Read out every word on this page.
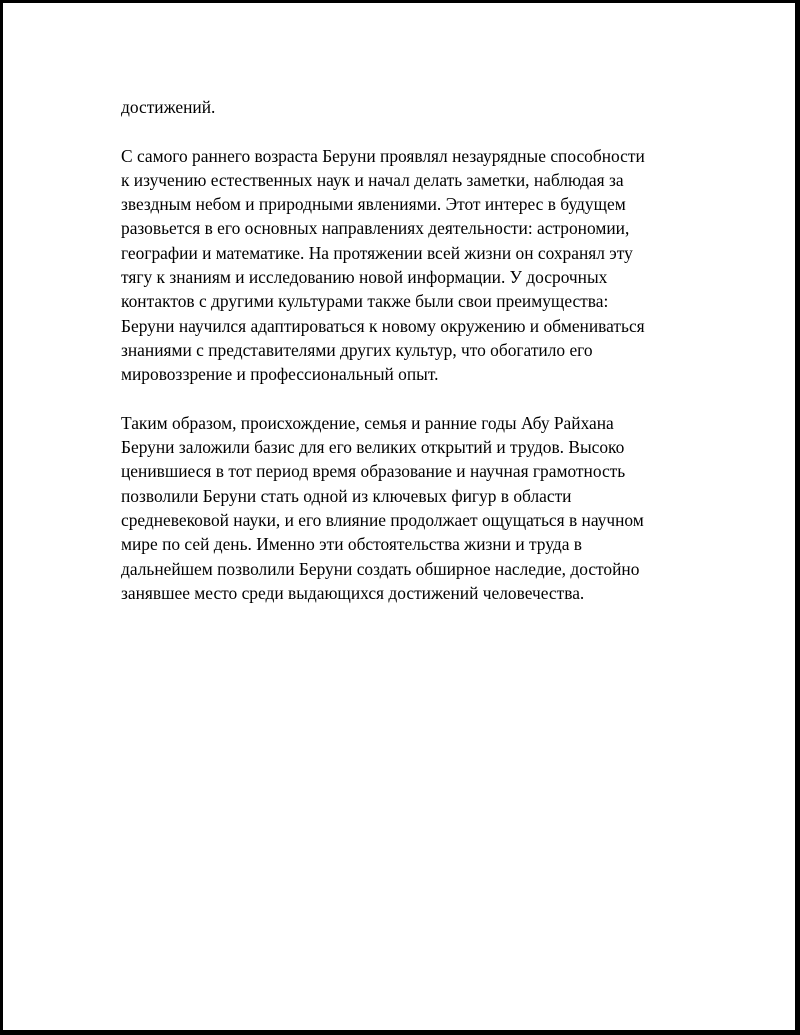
достижений.

С самого раннего возраста Беруни проявлял незаурядные способности
к изучению естественных наук и начал делать заметки, наблюдая за
звездным небом и природными явлениями. Этот интерес в будущем
разовьется в его основных направлениях деятельности: астрономии,
географии и математике. На протяжении всей жизни он сохранял эту
тягу к знаниям и исследованию новой информации. У досрочных
контактов с другими культурами также были свои преимущества:
Беруни научился адаптироваться к новому окружению и обмениваться
знаниями с представителями других культур, что обогатило его
мировоззрение и профессиональный опыт.

Таким образом, происхождение, семья и ранние годы Абу Райхана
Беруни заложили базис для его великих открытий и трудов. Высоко
ценившиеся в тот период время образование и научная грамотность
позволили Беруни стать одной из ключевых фигур в области
средневековой науки, и его влияние продолжает ощущаться в научном
мире по сей день. Именно эти обстоятельства жизни и труда в
дальнейшем позволили Беруни создать обширное наследие, достойно
занявшее место среди выдающихся достижений человечества.
